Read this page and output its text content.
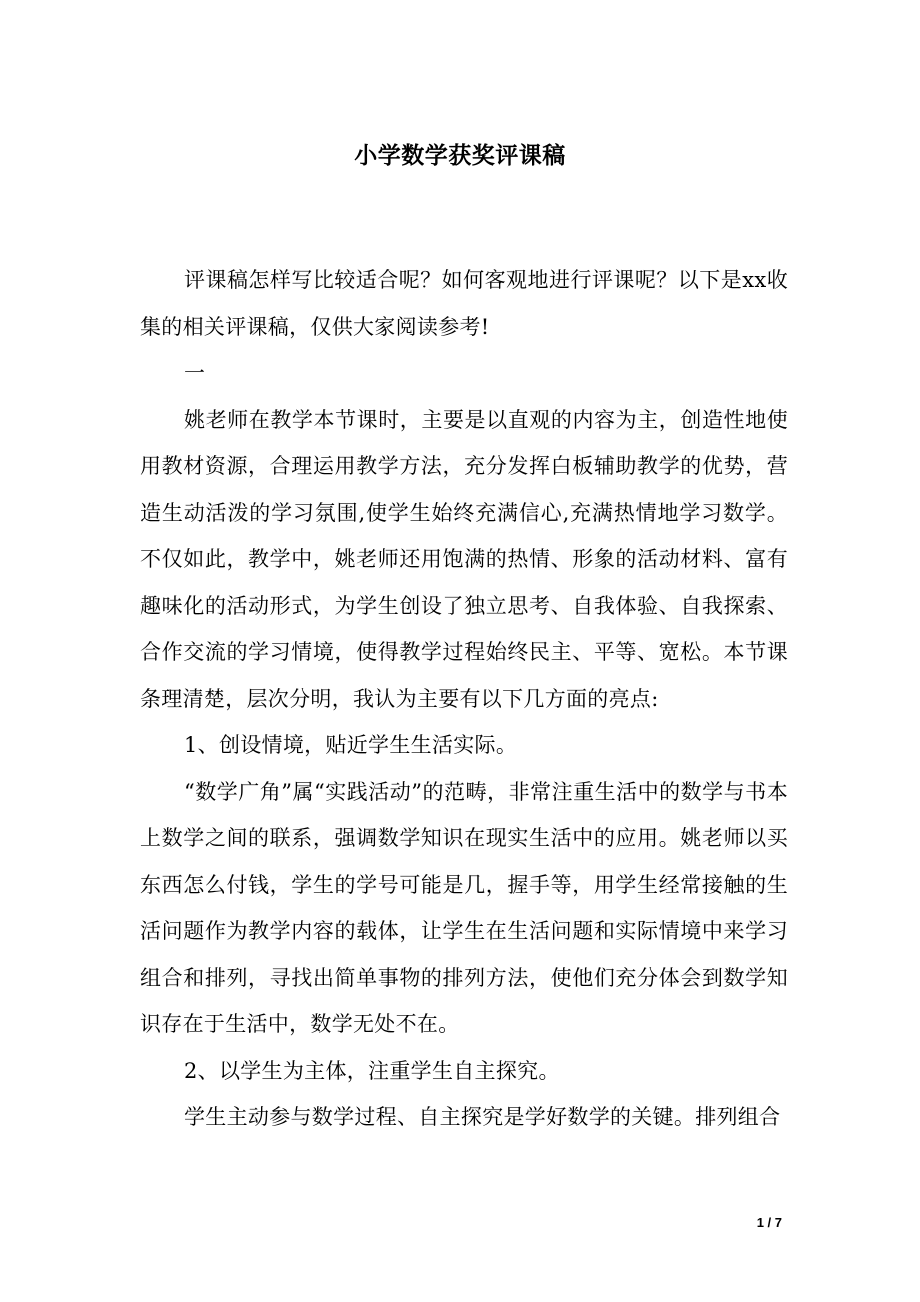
小学数学获奖评课稿

评课稿怎样写比较适合呢？如何客观地进行评课呢？以下是xx收集的相关评课稿，仅供大家阅读参考!

一

姚老师在教学本节课时，主要是以直观的内容为主，创造性地使用教材资源，合理运用教学方法，充分发挥白板辅助教学的优势，营造生动活泼的学习氛围,使学生始终充满信心,充满热情地学习数学。不仅如此，教学中，姚老师还用饱满的热情、形象的活动材料、富有趣味化的活动形式，为学生创设了独立思考、自我体验、自我探索、合作交流的学习情境，使得教学过程始终民主、平等、宽松。本节课条理清楚，层次分明，我认为主要有以下几方面的亮点:

1、创设情境，贴近学生生活实际。

“数学广角”属“实践活动”的范畴，非常注重生活中的数学与书本上数学之间的联系，强调数学知识在现实生活中的应用。姚老师以买东西怎么付钱，学生的学号可能是几，握手等，用学生经常接触的生活问题作为教学内容的载体，让学生在生活问题和实际情境中来学习组合和排列，寻找出简单事物的排列方法，使他们充分体会到数学知识存在于生活中，数学无处不在。

2、以学生为主体，注重学生自主探究。

学生主动参与数学过程、自主探究是学好数学的关键。排列组合

1 / 7
